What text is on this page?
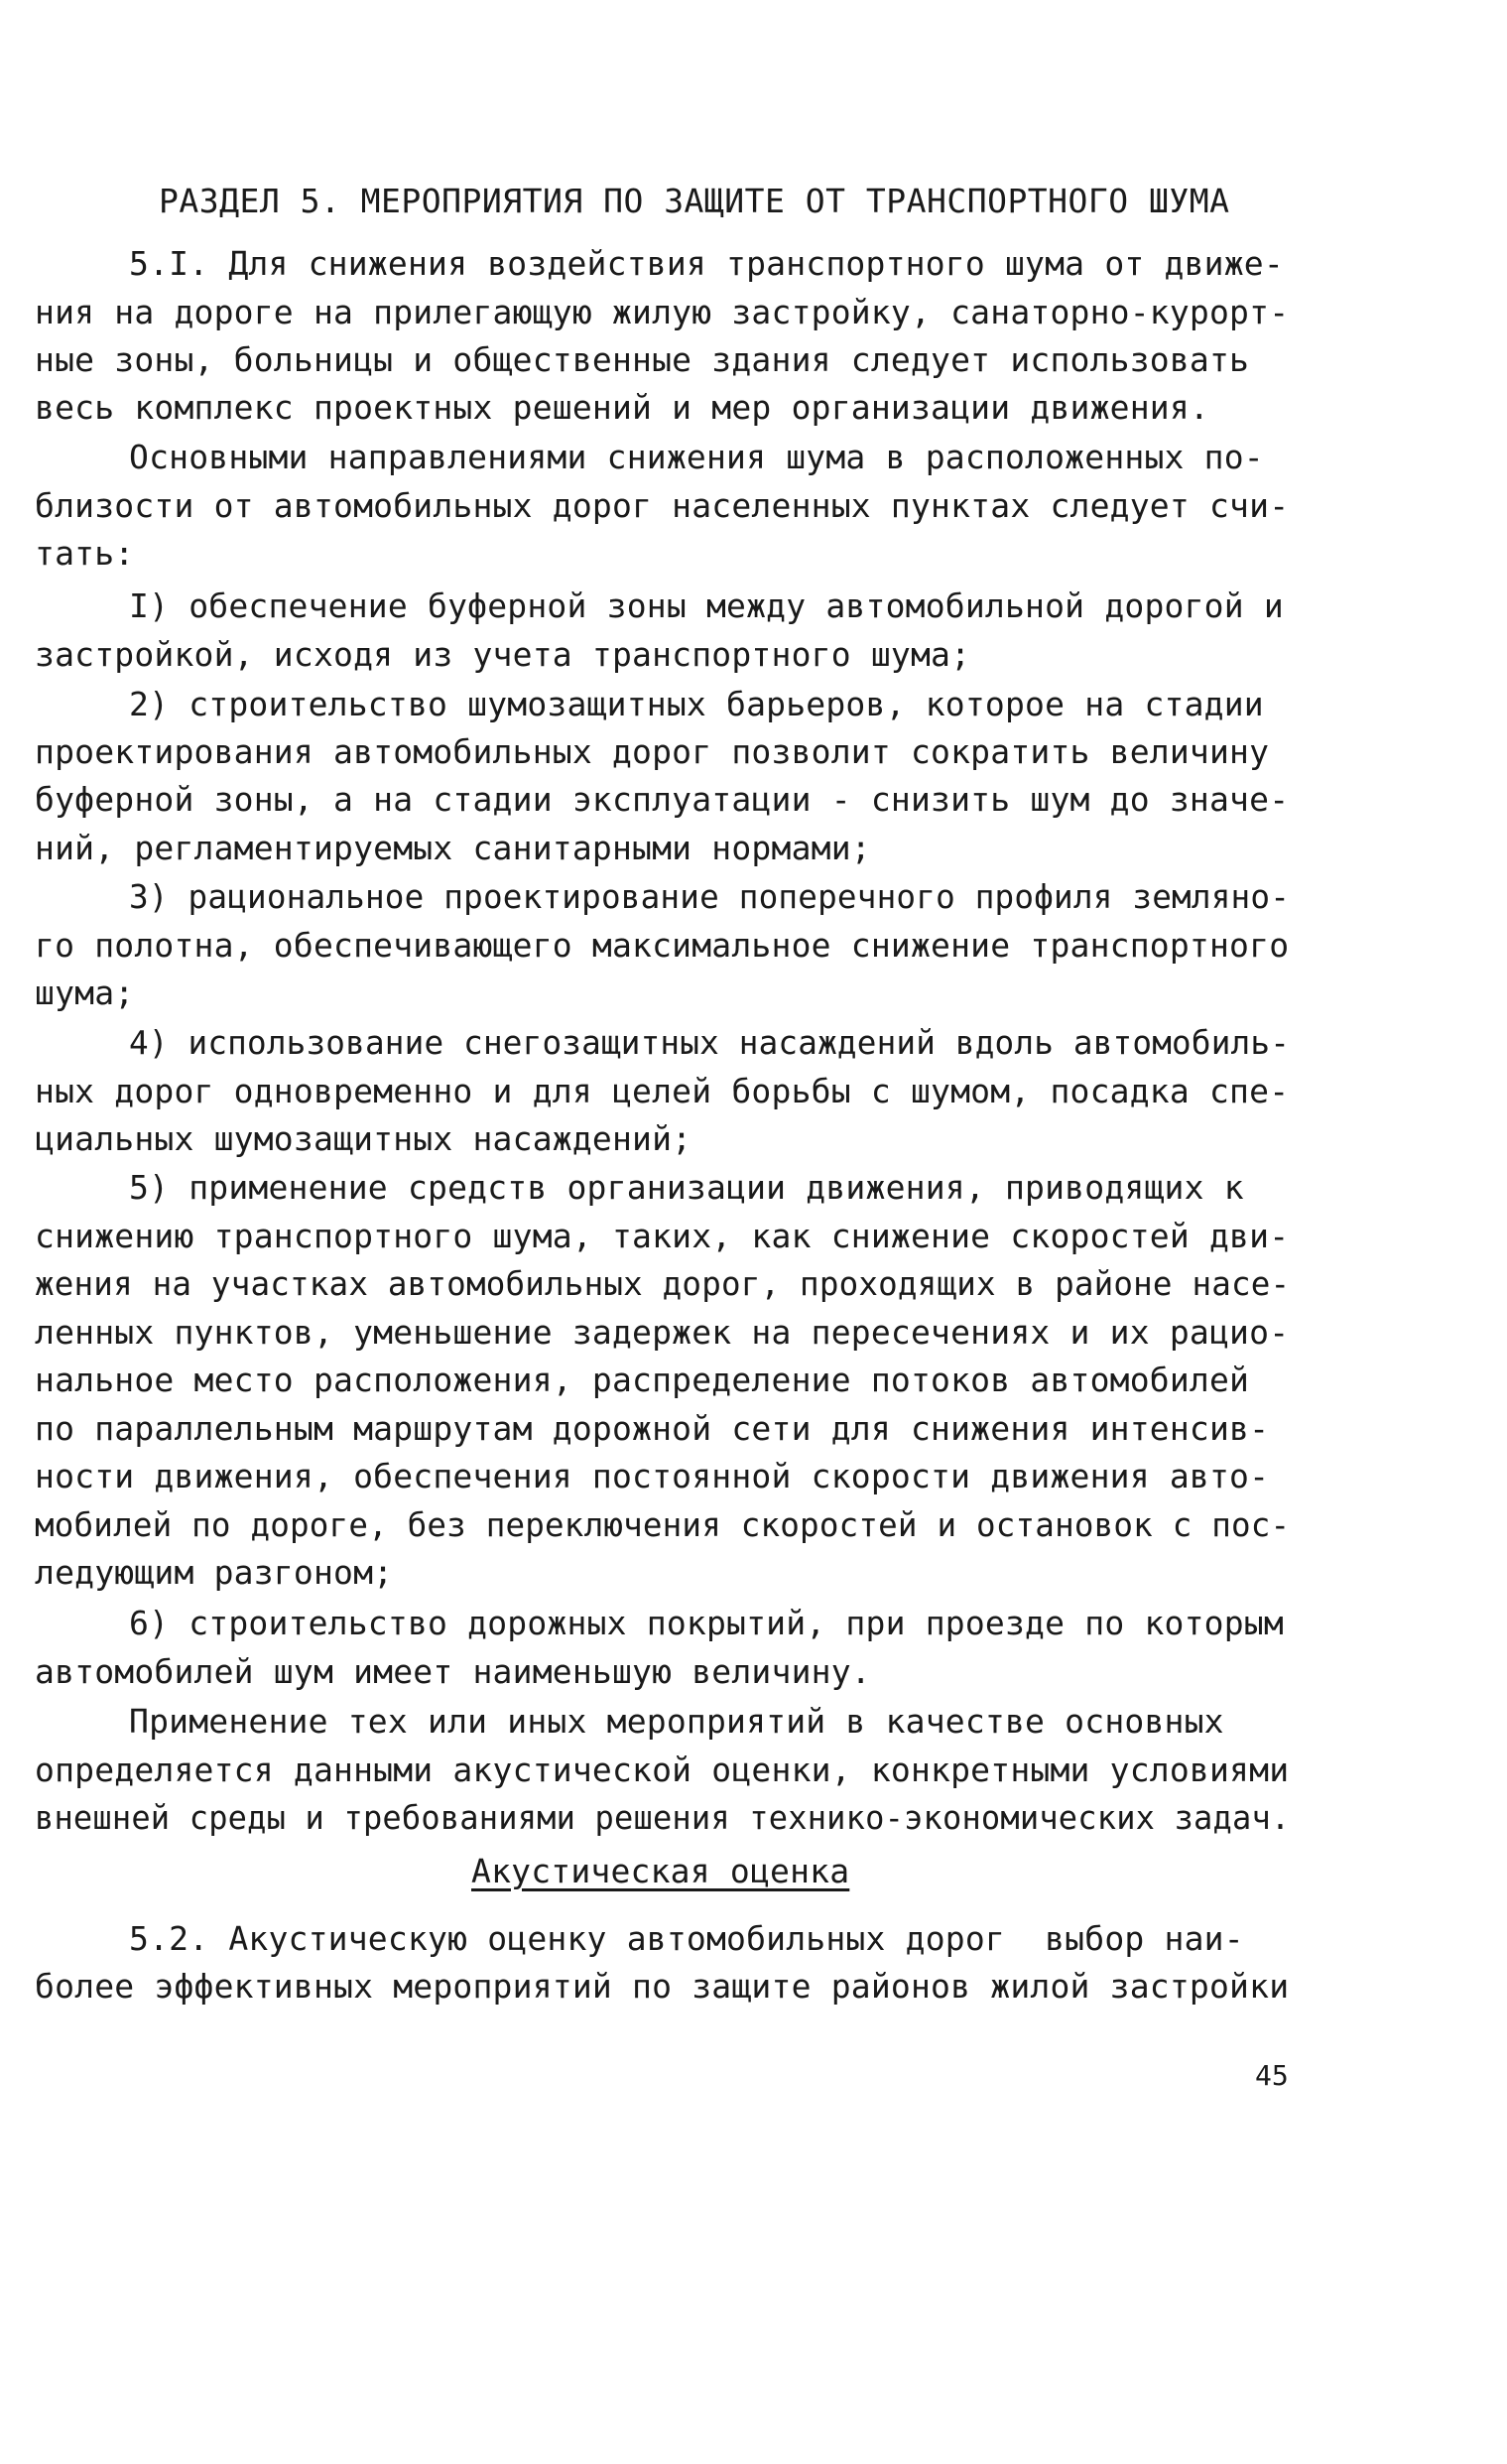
РАЗДЕЛ 5. МЕРОПРИЯТИЯ ПО ЗАЩИТЕ ОТ ТРАНСПОРТНОГО ШУМА
5.I. Для снижения воздействия транспортного шума от движе-
ния на дороге на прилегающую жилую застройку, санаторно-курорт-
ные зоны, больницы и общественные здания следует использовать
весь комплекс проектных решений и мер организации движения.
Основными направлениями снижения шума в расположенных по-
близости от автомобильных дорог населенных пунктах следует счи-
тать:
I) обеспечение буферной зоны между автомобильной дорогой и
застройкой, исходя из учета транспортного шума;
2) строительство шумозащитных барьеров, которое на стадии
проектирования автомобильных дорог позволит сократить величину
буферной зоны, а на стадии эксплуатации - снизить шум до значе-
ний, регламентируемых санитарными нормами;
3) рациональное проектирование поперечного профиля земляно-
го полотна, обеспечивающего максимальное снижение транспортного
шума;
4) использование снегозащитных насаждений вдоль автомобиль-
ных дорог одновременно и для целей борьбы с шумом, посадка спе-
циальных шумозащитных насаждений;
5) применение средств организации движения, приводящих к
снижению транспортного шума, таких, как снижение скоростей дви-
жения на участках автомобильных дорог, проходящих в районе насе-
ленных пунктов, уменьшение задержек на пересечениях и их рацио-
нальное место расположения, распределение потоков автомобилей
по параллельным маршрутам дорожной сети для снижения интенсив-
ности движения, обеспечения постоянной скорости движения авто-
мобилей по дороге, без переключения скоростей и остановок с пос-
ледующим разгоном;
6) строительство дорожных покрытий, при проезде по которым
автомобилей шум имеет наименьшую величину.
Применение тех или иных мероприятий в качестве основных
определяется данными акустической оценки, конкретными условиями
внешней среды и требованиями решения технико-экономических задач.
Акустическая оценка
5.2. Акустическую оценку автомобильных дорог  выбор наи-
более эффективных мероприятий по защите районов жилой застройки
45
